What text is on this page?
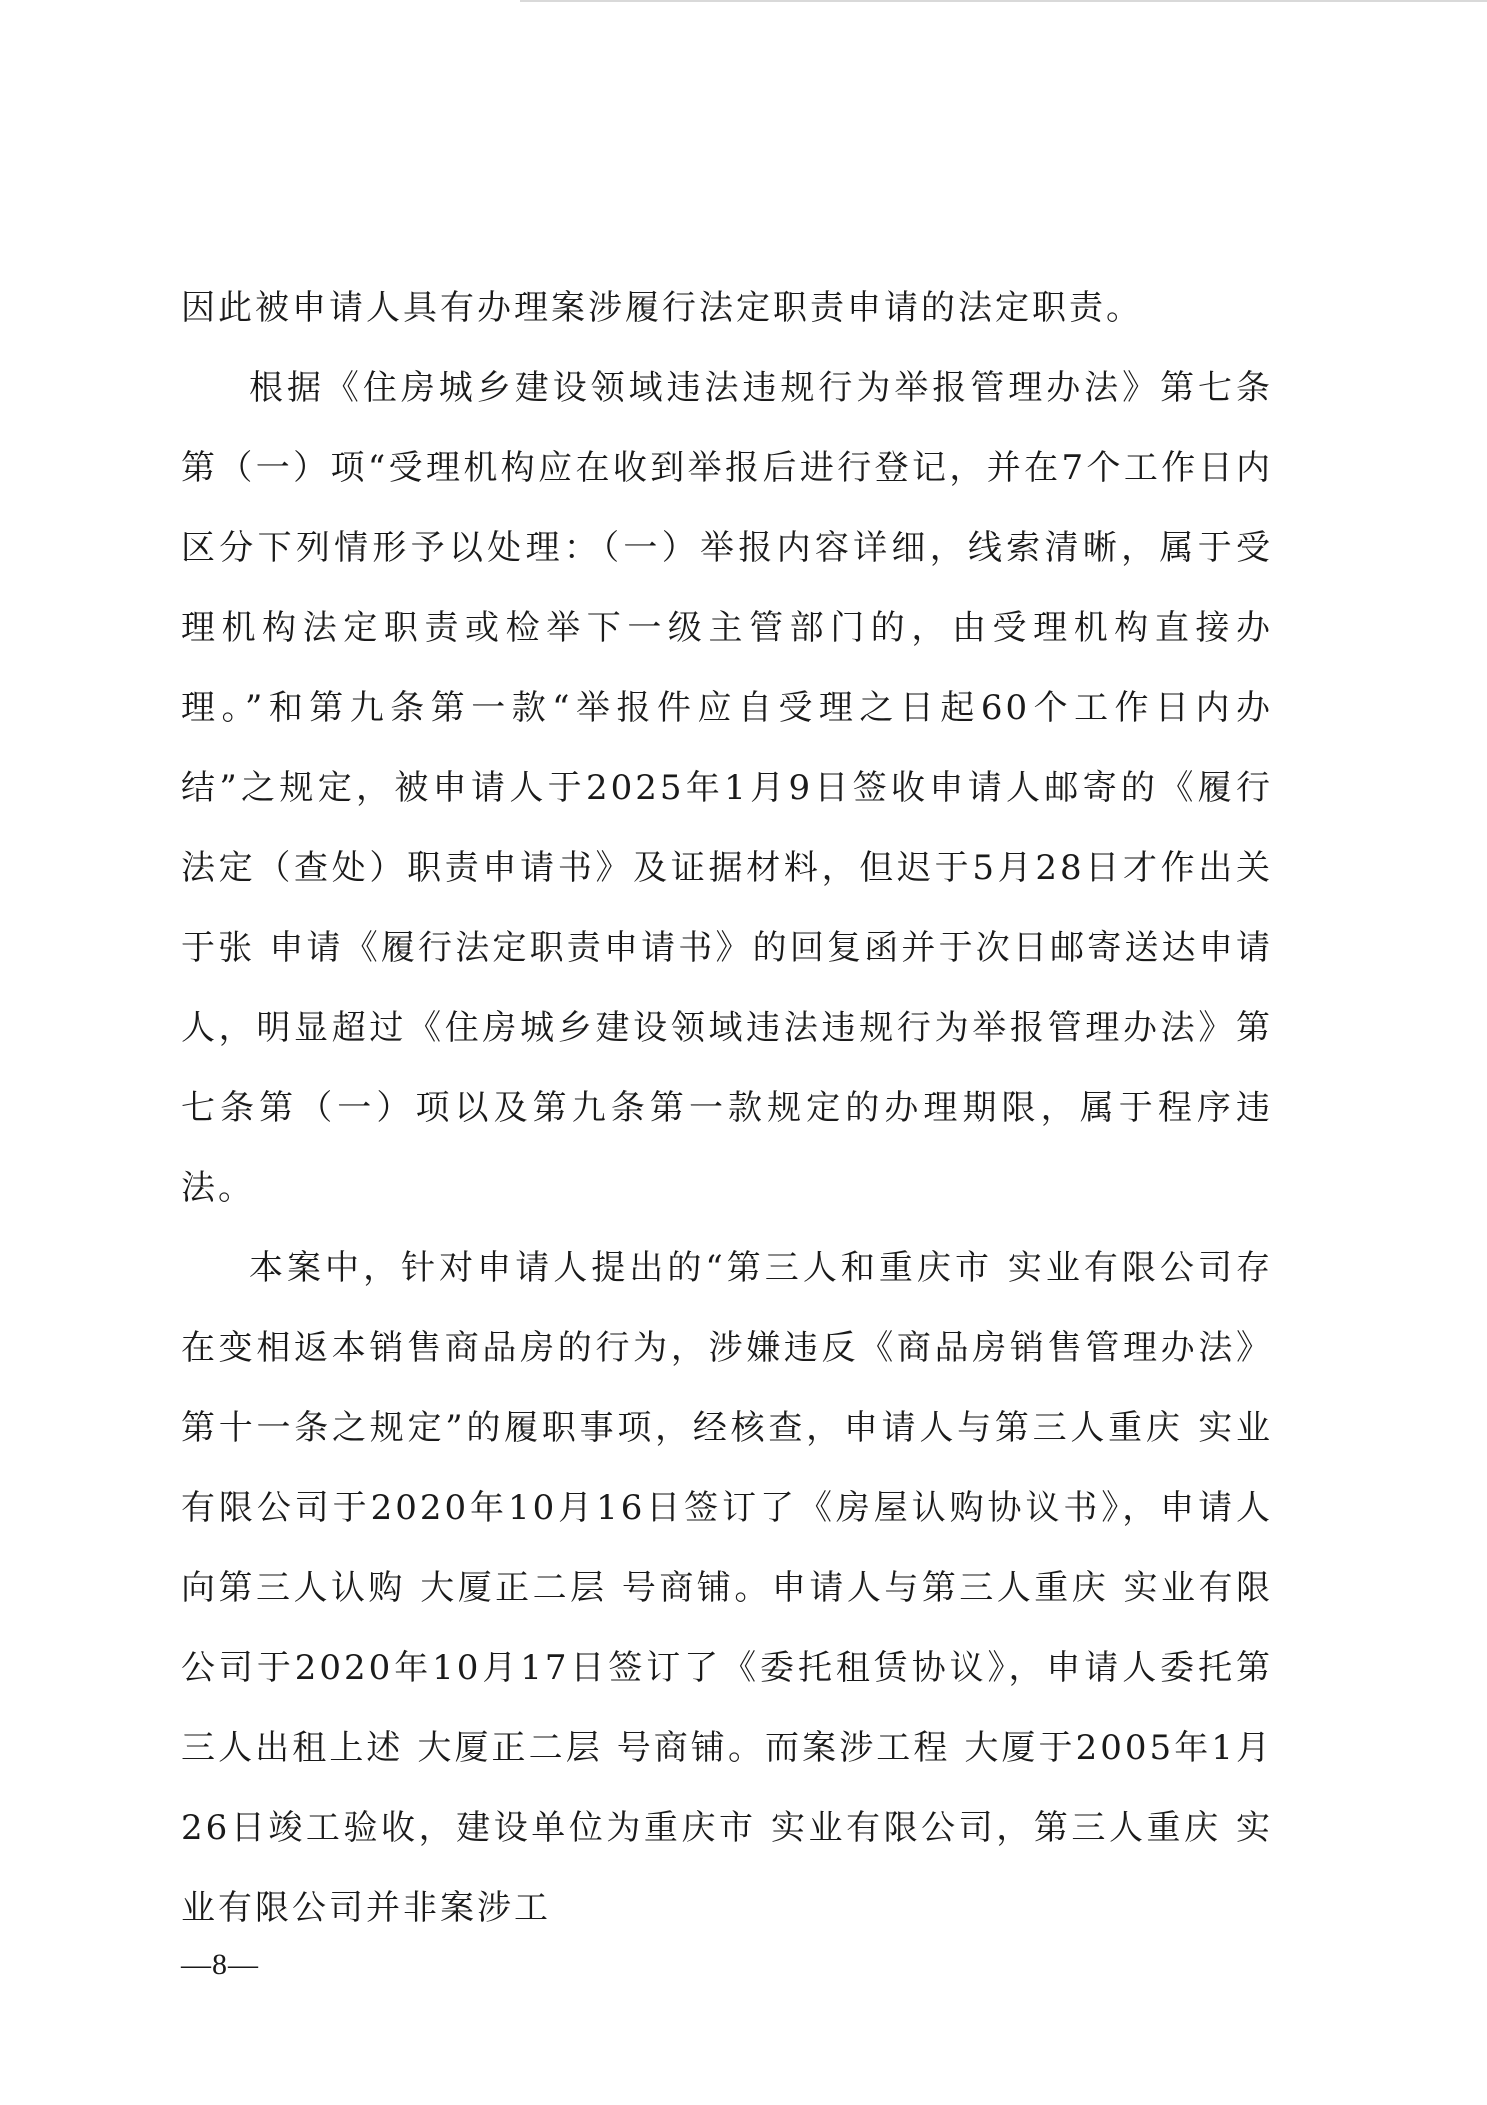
因此被申请人具有办理案涉履行法定职责申请的法定职责。

根据《住房城乡建设领域违法违规行为举报管理办法》第七条第（一）项“受理机构应在收到举报后进行登记，并在7个工作日内区分下列情形予以处理：（一）举报内容详细，线索清晰，属于受理机构法定职责或检举下一级主管部门的，由受理机构直接办理。”和第九条第一款“举报件应自受理之日起60个工作日内办结”之规定，被申请人于2025年1月9日签收申请人邮寄的《履行法定（查处）职责申请书》及证据材料，但迟于5月28日才作出关于张 申请《履行法定职责申请书》的回复函并于次日邮寄送达申请人，明显超过《住房城乡建设领域违法违规行为举报管理办法》第七条第（一）项以及第九条第一款规定的办理期限，属于程序违法。

本案中，针对申请人提出的“第三人和重庆市 实业有限公司存在变相返本销售商品房的行为，涉嫌违反《商品房销售管理办法》第十一条之规定”的履职事项，经核查，申请人与第三人重庆 实业有限公司于2020年10月16日签订了《房屋认购协议书》，申请人向第三人认购 大厦正二层 号商铺。申请人与第三人重庆 实业有限公司于2020年10月17日签订了《委托租赁协议》，申请人委托第三人出租上述 大厦正二层 号商铺。而案涉工程 大厦于2005年1月26日竣工验收，建设单位为重庆市 实业有限公司，第三人重庆 实业有限公司并非案涉工

—8—
